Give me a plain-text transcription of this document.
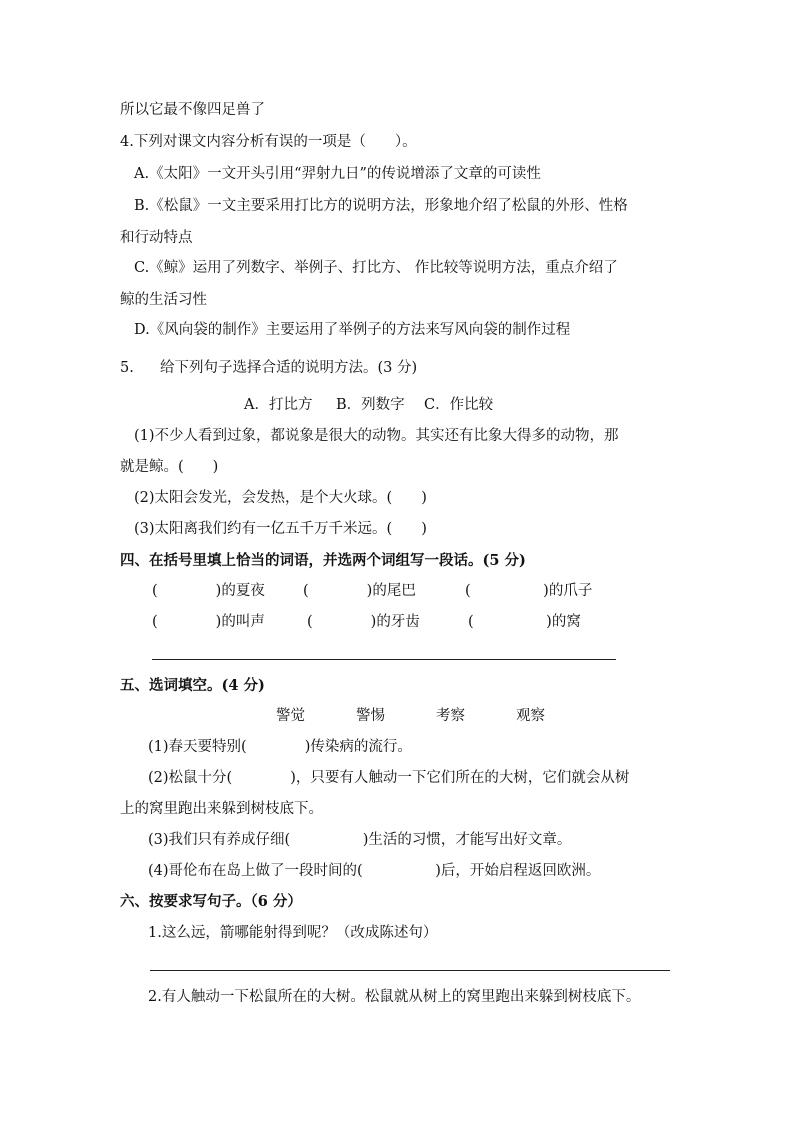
所以它最不像四足兽了
4.下列对课文内容分析有误的一项是（　　）。
A.《太阳》一文开头引用“羿射九日”的传说增添了文章的可读性
B.《松鼠》一文主要采用打比方的说明方法，形象地介绍了松鼠的外形、性格
和行动特点
C.《鲸》运用了列数字、举例子、打比方、 作比较等说明方法，重点介绍了
鲸的生活习性
D.《风向袋的制作》主要运用了举例子的方法来写风向袋的制作过程
5. 给下列句子选择合适的说明方法。(3 分)
A．打比方 B．列数字 C．作比较
(1)不少人看到过象，都说象是很大的动物。其实还有比象大得多的动物，那
就是鲸。(　　)
(2)太阳会发光，会发热，是个大火球。(　　)
(3)太阳离我们约有一亿五千万千米远。(　　)
四、在括号里填上恰当的词语，并选两个词组写一段话。(5 分)
(　　　　)的夏夜	(　　　　)的尾巴	(　　　　　)的爪子
(　　　　)的叫声	(　　　　)的牙齿	(　　　　　)的窝
五、选词填空。(4 分)
警觉	警惕	考察	观察
(1)春天要特别(　　　　)传染病的流行。
(2)松鼠十分(　　　　)，只要有人触动一下它们所在的大树，它们就会从树
上的窝里跑出来躲到树枝底下。
(3)我们只有养成仔细(　　　　　)生活的习惯，才能写出好文章。
(4)哥伦布在岛上做了一段时间的(　　　　　)后，开始启程返回欧洲。
六、按要求写句子。（6 分）
1.这么远，箭哪能射得到呢？（改成陈述句）
2.有人触动一下松鼠所在的大树。松鼠就从树上的窝里跑出来躲到树枝底下。
